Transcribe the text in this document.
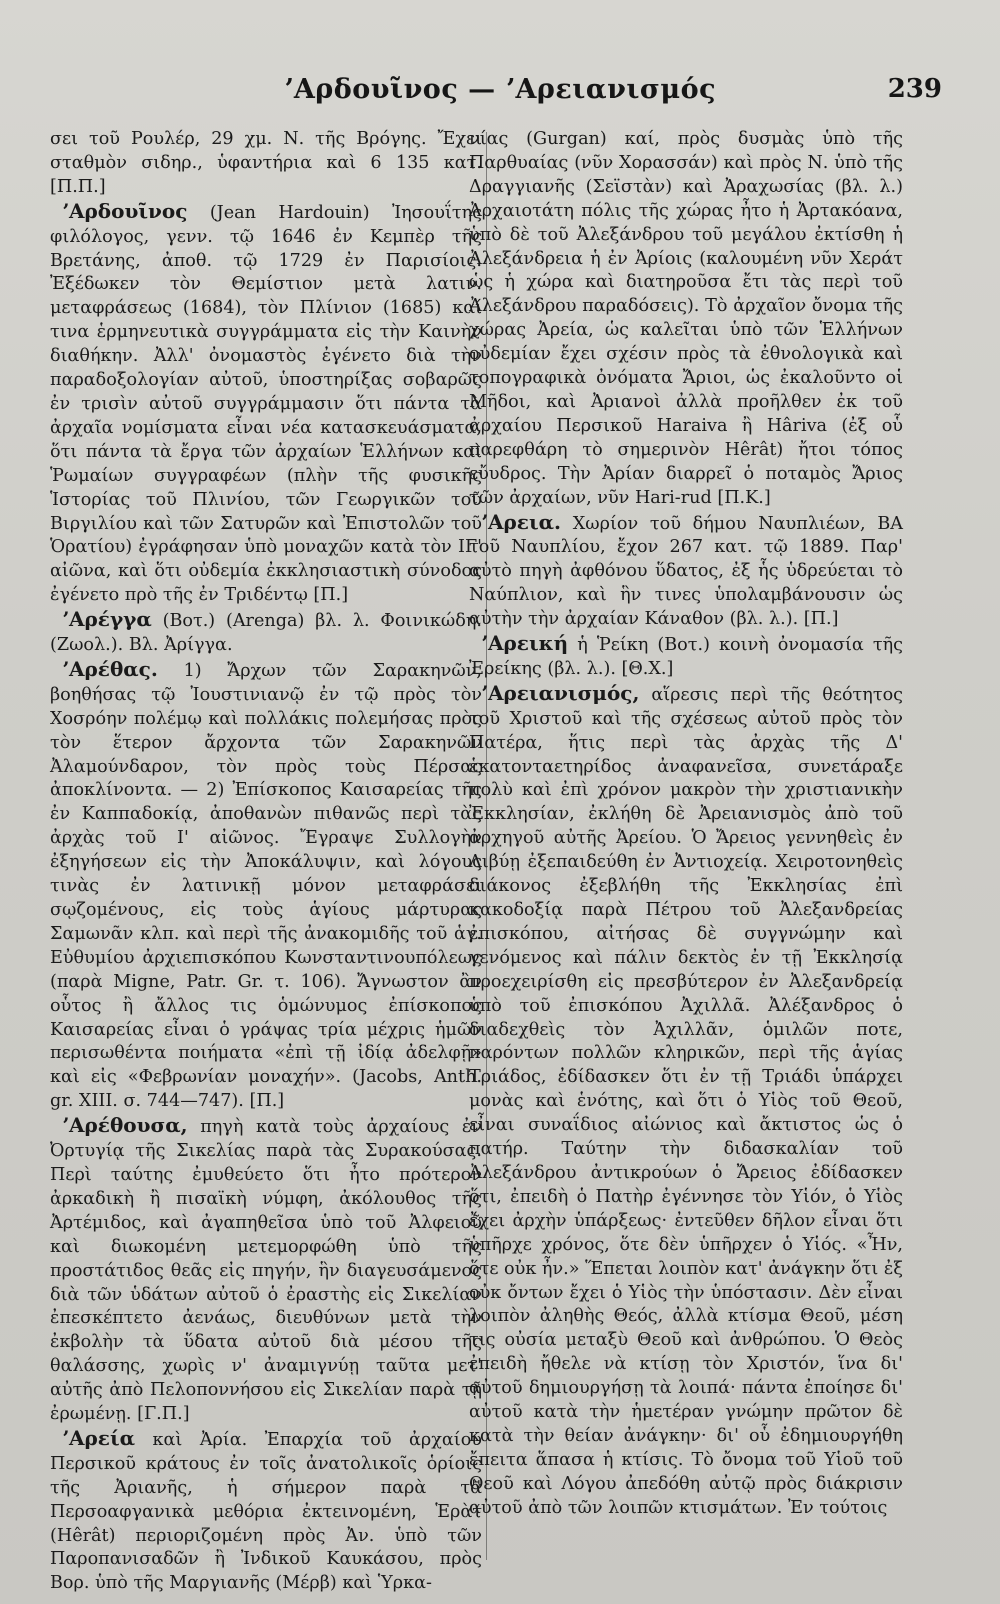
ʼΑρδουῖνος — ʼΑρειανισμός	239

σει τοῦ Ρουλέρ, 29 χμ. Ν. τῆς Βρόγης. Ἔχει σταθμὸν σιδηρ., ὑφαντήρια καὶ 6 135 κατ. [Π.Π.]

ʼΑρδουῖνος (Jean Hardouin) Ἰησουΐτης φιλόλογος, γενν. τῷ 1646 ἐν Κεμπὲρ τῆς Βρετάνης, ἀποθ. τῷ 1729 ἐν Παρισίοις. Ἐξέδωκεν τὸν Θεμίστιον μετὰ λατιν. μεταφράσεως (1684), τὸν Πλίνιον (1685) καί τινα ἑρμηνευτικὰ συγγράμματα εἰς τὴν Καινὴν διαθήκην. Ἀλλ' ὀνομαστὸς ἐγένετο διὰ τὴν παραδοξολογίαν αὐτοῦ, ὑποστηρίξας σοβαρῶς ἐν τρισὶν αὐτοῦ συγγράμμασιν ὅτι πάντα τὰ ἀρχαῖα νομίσματα εἶναι νέα κατασκευάσματα, ὅτι πάντα τὰ ἔργα τῶν ἀρχαίων Ἑλλήνων καὶ Ῥωμαίων συγγραφέων (πλὴν τῆς φυσικῆς Ἱστορίας τοῦ Πλινίου, τῶν Γεωργικῶν τοῦ Βιργιλίου καὶ τῶν Σατυρῶν καὶ Ἐπιστολῶν τοῦ Ὁρατίου) ἐγράφησαν ὑπὸ μοναχῶν κατὰ τὸν ΙΓ' αἰῶνα, καὶ ὅτι οὐδεμία ἐκκλησιαστικὴ σύνοδος ἐγένετο πρὸ τῆς ἐν Τριδέντῳ [Π.]

ʼΑρέγγα (Βοτ.) (Arenga) βλ. λ. Φοινικώδη. (Ζωολ.). Βλ. Ἀρίγγα.

ʼΑρέθας. 1) Ἄρχων τῶν Σαρακηνῶν, βοηθήσας τῷ Ἰουστινιανῷ ἐν τῷ πρὸς τὸν Χοσρόην πολέμῳ καὶ πολλάκις πολεμήσας πρὸς τὸν ἕτερον ἄρχοντα τῶν Σαρακηνῶν Ἀλαμούνδαρον, τὸν πρὸς τοὺς Πέρσας ἀποκλίνοντα. — 2) Ἐπίσκοπος Καισαρείας τῆς ἐν Καππαδοκίᾳ, ἀποθανὼν πιθανῶς περὶ τὰς ἀρχὰς τοῦ Ι' αἰῶνος. Ἔγραψε Συλλογὴν ἐξηγήσεων εἰς τὴν Ἀποκάλυψιν, καὶ λόγους τινὰς ἐν λατινικῇ μόνον μεταφράσει σῳζομένους, εἰς τοὺς ἁγίους μάρτυρας Σαμωνᾶν κλπ. καὶ περὶ τῆς ἀνακομιδῆς τοῦ ἁγ. Εὐθυμίου ἀρχιεπισκόπου Κωνσταντινουπόλεως (παρὰ Migne, Patr. Gr. τ. 106). Ἄγνωστον ἂν οὗτος ἢ ἄλλος τις ὁμώνυμος ἐπίσκοπος Καισαρείας εἶναι ὁ γράψας τρία μέχρις ἡμῶν περισωθέντα ποιήματα «ἐπὶ τῇ ἰδίᾳ ἀδελφῇ» καὶ εἰς «Φεβρωνίαν μοναχήν». (Jacobs, Anth. gr. XIII. σ. 744—747). [Π.]

ʼΑρέθουσα, πηγὴ κατὰ τοὺς ἀρχαίους ἐν Ὀρτυγίᾳ τῆς Σικελίας παρὰ τὰς Συρακούσας. Περὶ ταύτης ἐμυθεύετο ὅτι ἦτο πρότερον ἀρκαδικὴ ἢ πισαϊκὴ νύμφη, ἀκόλουθος τῆς Ἀρτέμιδος, καὶ ἀγαπηθεῖσα ὑπὸ τοῦ Ἀλφειοῦ καὶ διωκομένη μετεμορφώθη ὑπὸ τῆς προστάτιδος θεᾶς εἰς πηγήν, ἣν διαγευσάμενος διὰ τῶν ὑδάτων αὐτοῦ ὁ ἐραστὴς εἰς Σικελίαν ἐπεσκέπτετο ἀενάως, διευθύνων μετὰ τὴν ἐκβολὴν τὰ ὕδατα αὐτοῦ διὰ μέσου τῆς θαλάσσης, χωρὶς ν' ἀναμιγνύῃ ταῦτα μετ' αὐτῆς ἀπὸ Πελοποννήσου εἰς Σικελίαν παρὰ τῇ ἐρωμένῃ. [Γ.Π.]

ʼΑρεία καὶ Ἀρία. Ἐπαρχία τοῦ ἀρχαίου Περσικοῦ κράτους ἐν τοῖς ἀνατολικοῖς ὁρίοις τῆς Ἀριανῆς, ἡ σήμερον παρὰ τὰ Περσοαφγανικὰ μεθόρια ἐκτεινομένη, Ἑρὰτ (Hêrât) περιοριζομένη πρὸς Ἀν. ὑπὸ τῶν Παροπανισαδῶν ἢ Ἰνδικοῦ Καυκάσου, πρὸς Βορ. ὑπὸ τῆς Μαργιανῆς (Μέρβ) καὶ Ὑρκα-

νίας (Gurgan) καί, πρὸς δυσμὰς ὑπὸ τῆς Παρθυαίας (νῦν Χορασσάν) καὶ πρὸς Ν. ὑπὸ τῆς Δραγγιανῆς (Σεϊστὰν) καὶ Ἀραχωσίας (βλ. λ.) Ἀρχαιοτάτη πόλις τῆς χώρας ἦτο ἡ Ἀρτακόανα, ὑπὸ δὲ τοῦ Ἀλεξάνδρου τοῦ μεγάλου ἐκτίσθη ἡ Ἀλεξάνδρεια ἡ ἐν Ἀρίοις (καλουμένη νῦν Χεράτ ὡς ἡ χώρα καὶ διατηροῦσα ἔτι τὰς περὶ τοῦ Ἀλεξάνδρου παραδόσεις). Τὸ ἀρχαῖον ὄνομα τῆς χώρας Ἀρεία, ὡς καλεῖται ὑπὸ τῶν Ἑλλήνων οὐδεμίαν ἔχει σχέσιν πρὸς τὰ ἐθνολογικὰ καὶ τοπογραφικὰ ὀνόματα Ἄριοι, ὡς ἐκαλοῦντο οἱ Μῆδοι, καὶ Ἀριανοὶ ἀλλὰ προῆλθεν ἐκ τοῦ ἀρχαίου Περσικοῦ Haraiva ἢ Hâriva (ἐξ οὗ παρεφθάρη τὸ σημερινὸν Hêrât) ἤτοι τόπος εὔυδρος. Τὴν Ἀρίαν διαρρεῖ ὁ ποταμὸς Ἄριος τῶν ἀρχαίων, νῦν Hari-rud [Π.Κ.]

ʼΑρεια. Χωρίον τοῦ δήμου Ναυπλιέων, ΒΑ τοῦ Ναυπλίου, ἔχον 267 κατ. τῷ 1889. Παρ' αὐτὸ πηγὴ ἀφθόνου ὕδατος, ἐξ ἧς ὑδρεύεται τὸ Ναύπλιον, καὶ ἣν τινες ὑπολαμβάνουσιν ὡς αὐτὴν τὴν ἀρχαίαν Κάναθον (βλ. λ.). [Π.]

ʼΑρεική ἡ Ῥείκη (Βοτ.) κοινὴ ὀνομασία τῆς Ἐρείκης (βλ. λ.). [Θ.Χ.]

ʼΑρειανισμός, αἵρεσις περὶ τῆς θεότητος τοῦ Χριστοῦ καὶ τῆς σχέσεως αὐτοῦ πρὸς τὸν Πατέρα, ἥτις περὶ τὰς ἀρχὰς τῆς Δ' ἑκατονταετηρίδος ἀναφανεῖσα, συνετάραξε πολὺ καὶ ἐπὶ χρόνον μακρὸν τὴν χριστιανικὴν Ἐκκλησίαν, ἐκλήθη δὲ Ἀρειανισμὸς ἀπὸ τοῦ ἀρχηγοῦ αὐτῆς Ἀρείου. Ὁ Ἄρειος γεννηθεὶς ἐν Λιβύῃ ἐξεπαιδεύθη ἐν Ἀντιοχείᾳ. Χειροτονηθεὶς διάκονος ἐξεβλήθη τῆς Ἐκκλησίας ἐπὶ κακοδοξίᾳ παρὰ Πέτρου τοῦ Ἀλεξανδρείας ἐπισκόπου, αἰτήσας δὲ συγγνώμην καὶ γενόμενος καὶ πάλιν δεκτὸς ἐν τῇ Ἐκκλησίᾳ προεχειρίσθη εἰς πρεσβύτερον ἐν Ἀλεξανδρείᾳ ὑπὸ τοῦ ἐπισκόπου Ἀχιλλᾶ. Ἀλέξανδρος ὁ διαδεχθεὶς τὸν Ἀχιλλᾶν, ὁμιλῶν ποτε, παρόντων πολλῶν κληρικῶν, περὶ τῆς ἁγίας Τριάδος, ἐδίδασκεν ὅτι ἐν τῇ Τριάδι ὑπάρχει μονὰς καὶ ἑνότης, καὶ ὅτι ὁ Υἱὸς τοῦ Θεοῦ, εἶναι συναΐδιος αἰώνιος καὶ ἄκτιστος ὡς ὁ πατήρ. Ταύτην τὴν διδασκαλίαν τοῦ Ἀλεξάνδρου ἀντικρούων ὁ Ἄρειος ἐδίδασκεν ὅτι, ἐπειδὴ ὁ Πατὴρ ἐγέννησε τὸν Υἱόν, ὁ Υἱὸς ἔχει ἀρχὴν ὑπάρξεως· ἐντεῦθεν δῆλον εἶναι ὅτι ὑπῆρχε χρόνος, ὅτε δὲν ὑπῆρχεν ὁ Υἱός. «Ἦν, ὅτε οὐκ ἦν.» Ἕπεται λοιπὸν κατ' ἀνάγκην ὅτι ἐξ οὐκ ὄντων ἔχει ὁ Υἱὸς τὴν ὑπόστασιν. Δὲν εἶναι λοιπὸν ἀληθὴς Θεός, ἀλλὰ κτίσμα Θεοῦ, μέση τις οὐσία μεταξὺ Θεοῦ καὶ ἀνθρώπου. Ὁ Θεὸς ἐπειδὴ ἤθελε νὰ κτίσῃ τὸν Χριστόν, ἵνα δι' αὐτοῦ δημιουργήσῃ τὰ λοιπά· πάντα ἐποίησε δι' αὐτοῦ κατὰ τὴν ἡμετέραν γνώμην πρῶτον δὲ κατὰ τὴν θείαν ἀνάγκην· δι' οὗ ἐδημιουργήθη ἔπειτα ἅπασα ἡ κτίσις. Τὸ ὄνομα τοῦ Υἱοῦ τοῦ Θεοῦ καὶ Λόγου ἀπεδόθη αὐτῷ πρὸς διάκρισιν αὐτοῦ ἀπὸ τῶν λοιπῶν κτισμάτων. Ἐν τούτοις
